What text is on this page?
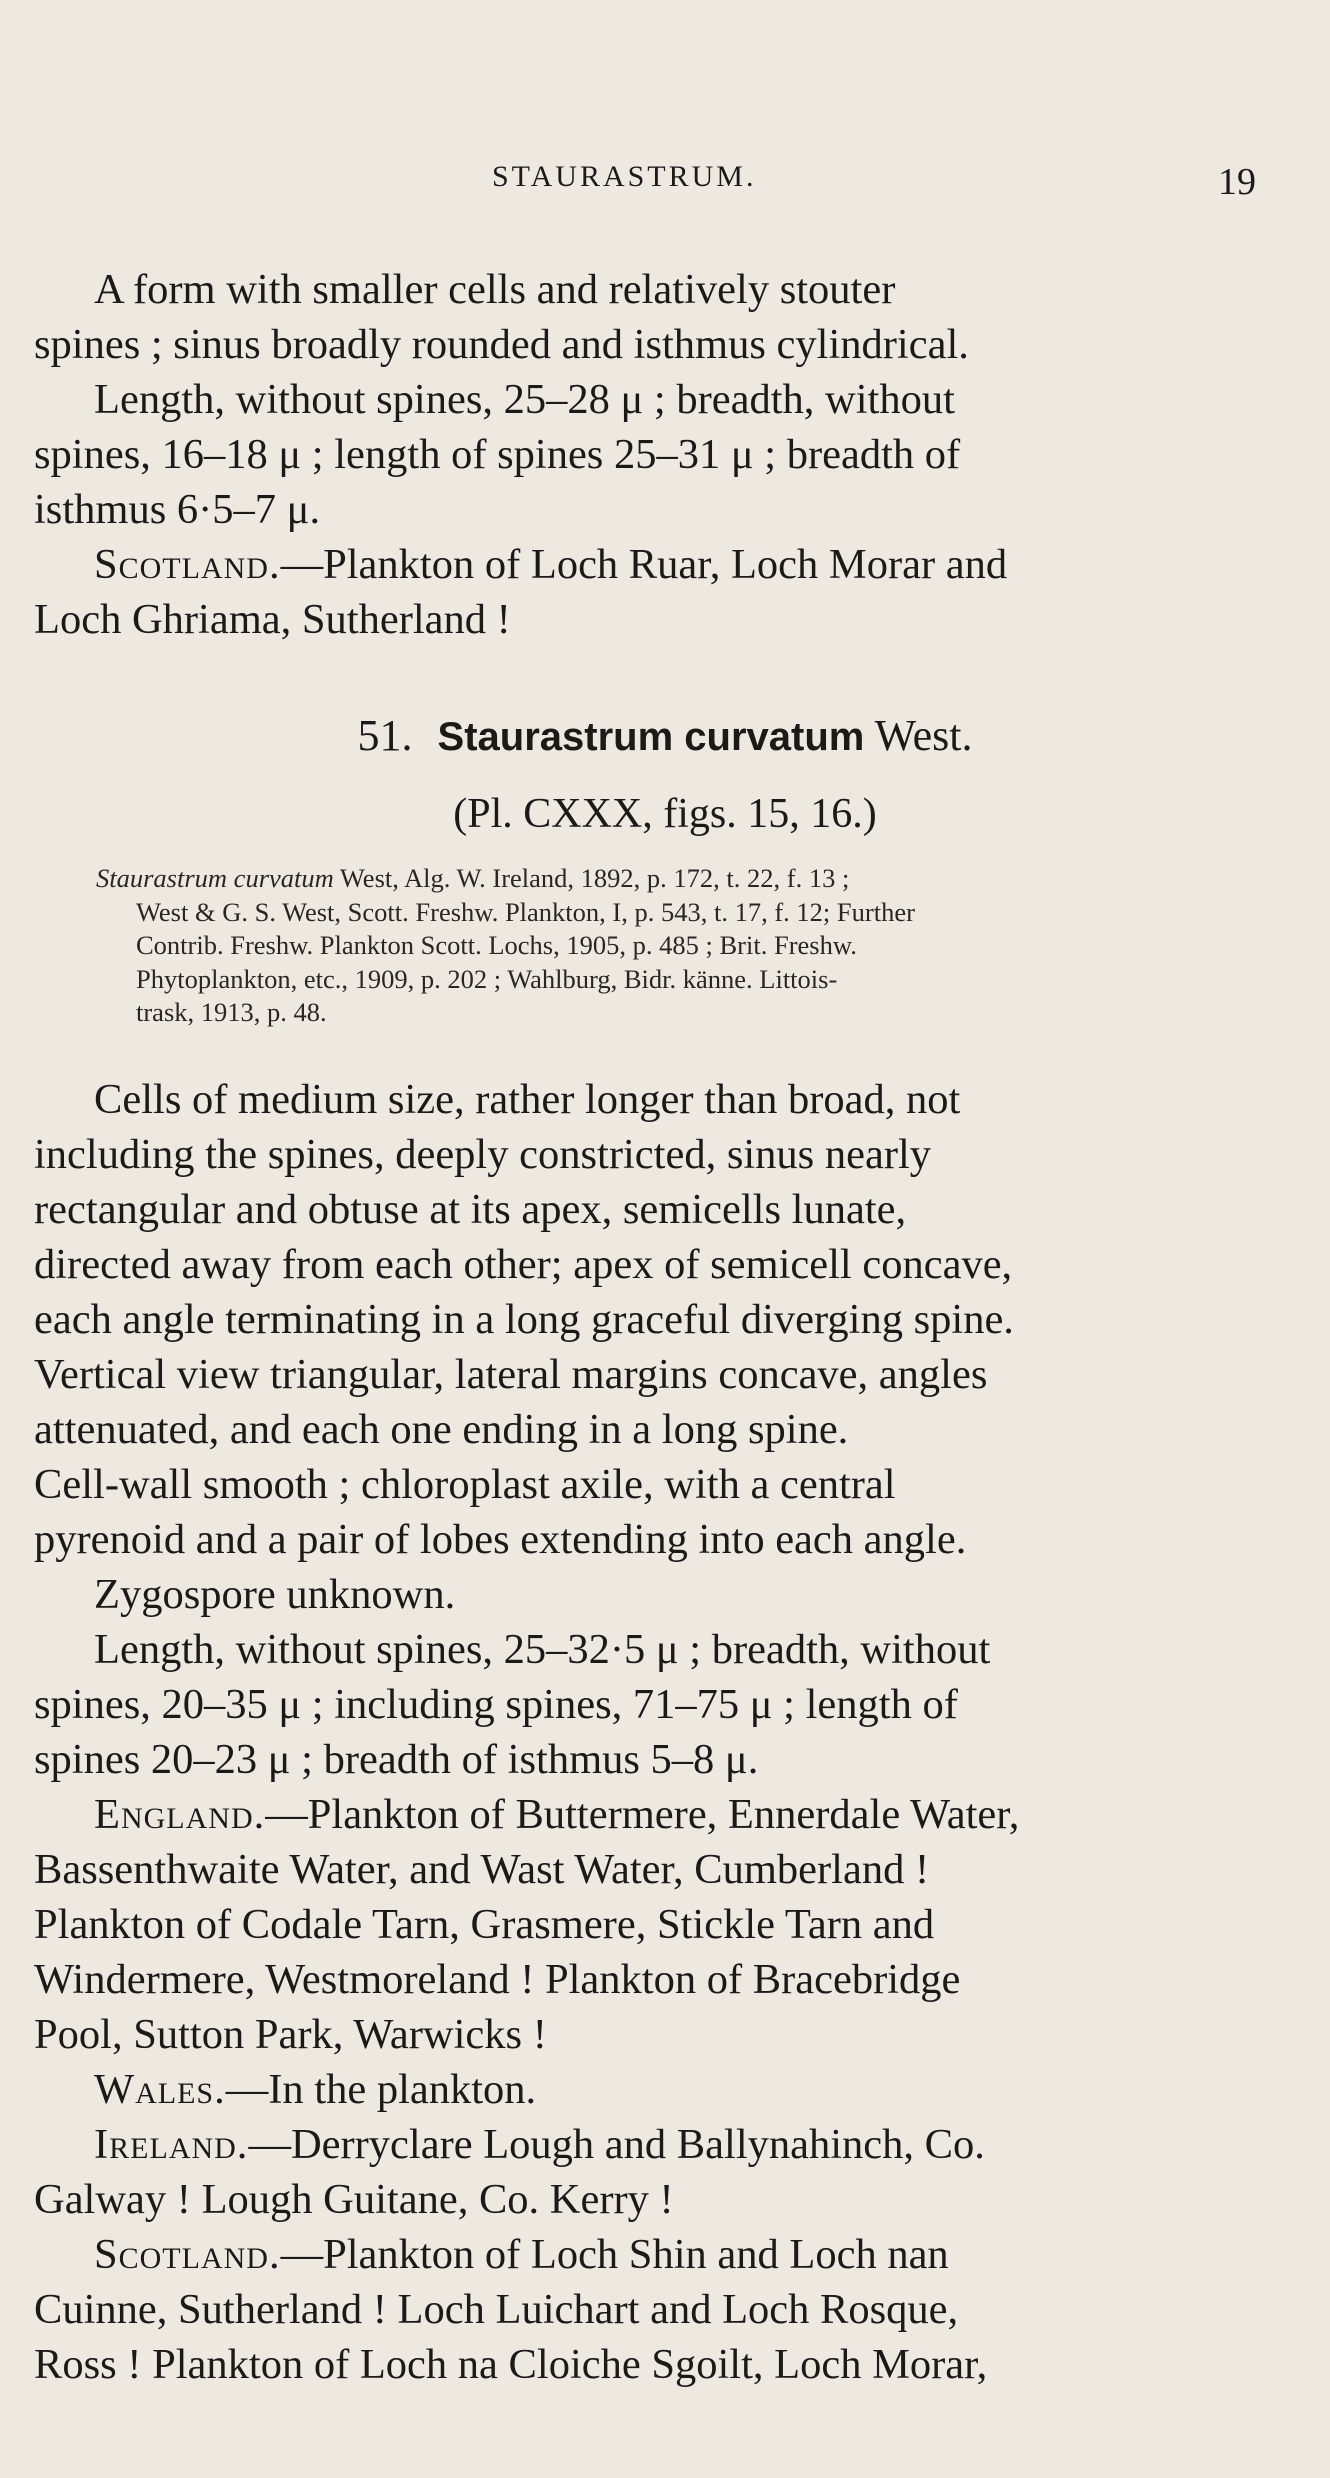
STAURASTRUM.	19
A form with smaller cells and relatively stouter
spines ; sinus broadly rounded and isthmus cylindrical.
Length, without spines, 25–28 μ ; breadth, without
spines, 16–18 μ ; length of spines 25–31 μ ; breadth of
isthmus 6·5–7 μ.
Scotland.—Plankton of Loch Ruar, Loch Morar and
Loch Ghriama, Sutherland !
51. Staurastrum curvatum West.
(Pl. CXXX, figs. 15, 16.)
Staurastrum curvatum West, Alg. W. Ireland, 1892, p. 172, t. 22, f. 13 ;
West & G. S. West, Scott. Freshw. Plankton, I, p. 543, t. 17, f. 12; Further
Contrib. Freshw. Plankton Scott. Lochs, 1905, p. 485 ; Brit. Freshw.
Phytoplankton, etc., 1909, p. 202 ; Wahlburg, Bidr. känne. Littois-
trask, 1913, p. 48.
Cells of medium size, rather longer than broad, not
including the spines, deeply constricted, sinus nearly
rectangular and obtuse at its apex, semicells lunate,
directed away from each other; apex of semicell concave,
each angle terminating in a long graceful diverging spine.
Vertical view triangular, lateral margins concave, angles
attenuated, and each one ending in a long spine.
Cell-wall smooth ; chloroplast axile, with a central
pyrenoid and a pair of lobes extending into each angle.
Zygospore unknown.
Length, without spines, 25–32·5 μ ; breadth, without
spines, 20–35 μ ; including spines, 71–75 μ ; length of
spines 20–23 μ ; breadth of isthmus 5–8 μ.
England.—Plankton of Buttermere, Ennerdale Water,
Bassenthwaite Water, and Wast Water, Cumberland !
Plankton of Codale Tarn, Grasmere, Stickle Tarn and
Windermere, Westmoreland ! Plankton of Bracebridge
Pool, Sutton Park, Warwicks !
Wales.—In the plankton.
Ireland.—Derryclare Lough and Ballynahinch, Co.
Galway ! Lough Guitane, Co. Kerry !
Scotland.—Plankton of Loch Shin and Loch nan
Cuinne, Sutherland ! Loch Luichart and Loch Rosque,
Ross ! Plankton of Loch na Cloiche Sgoilt, Loch Morar,
